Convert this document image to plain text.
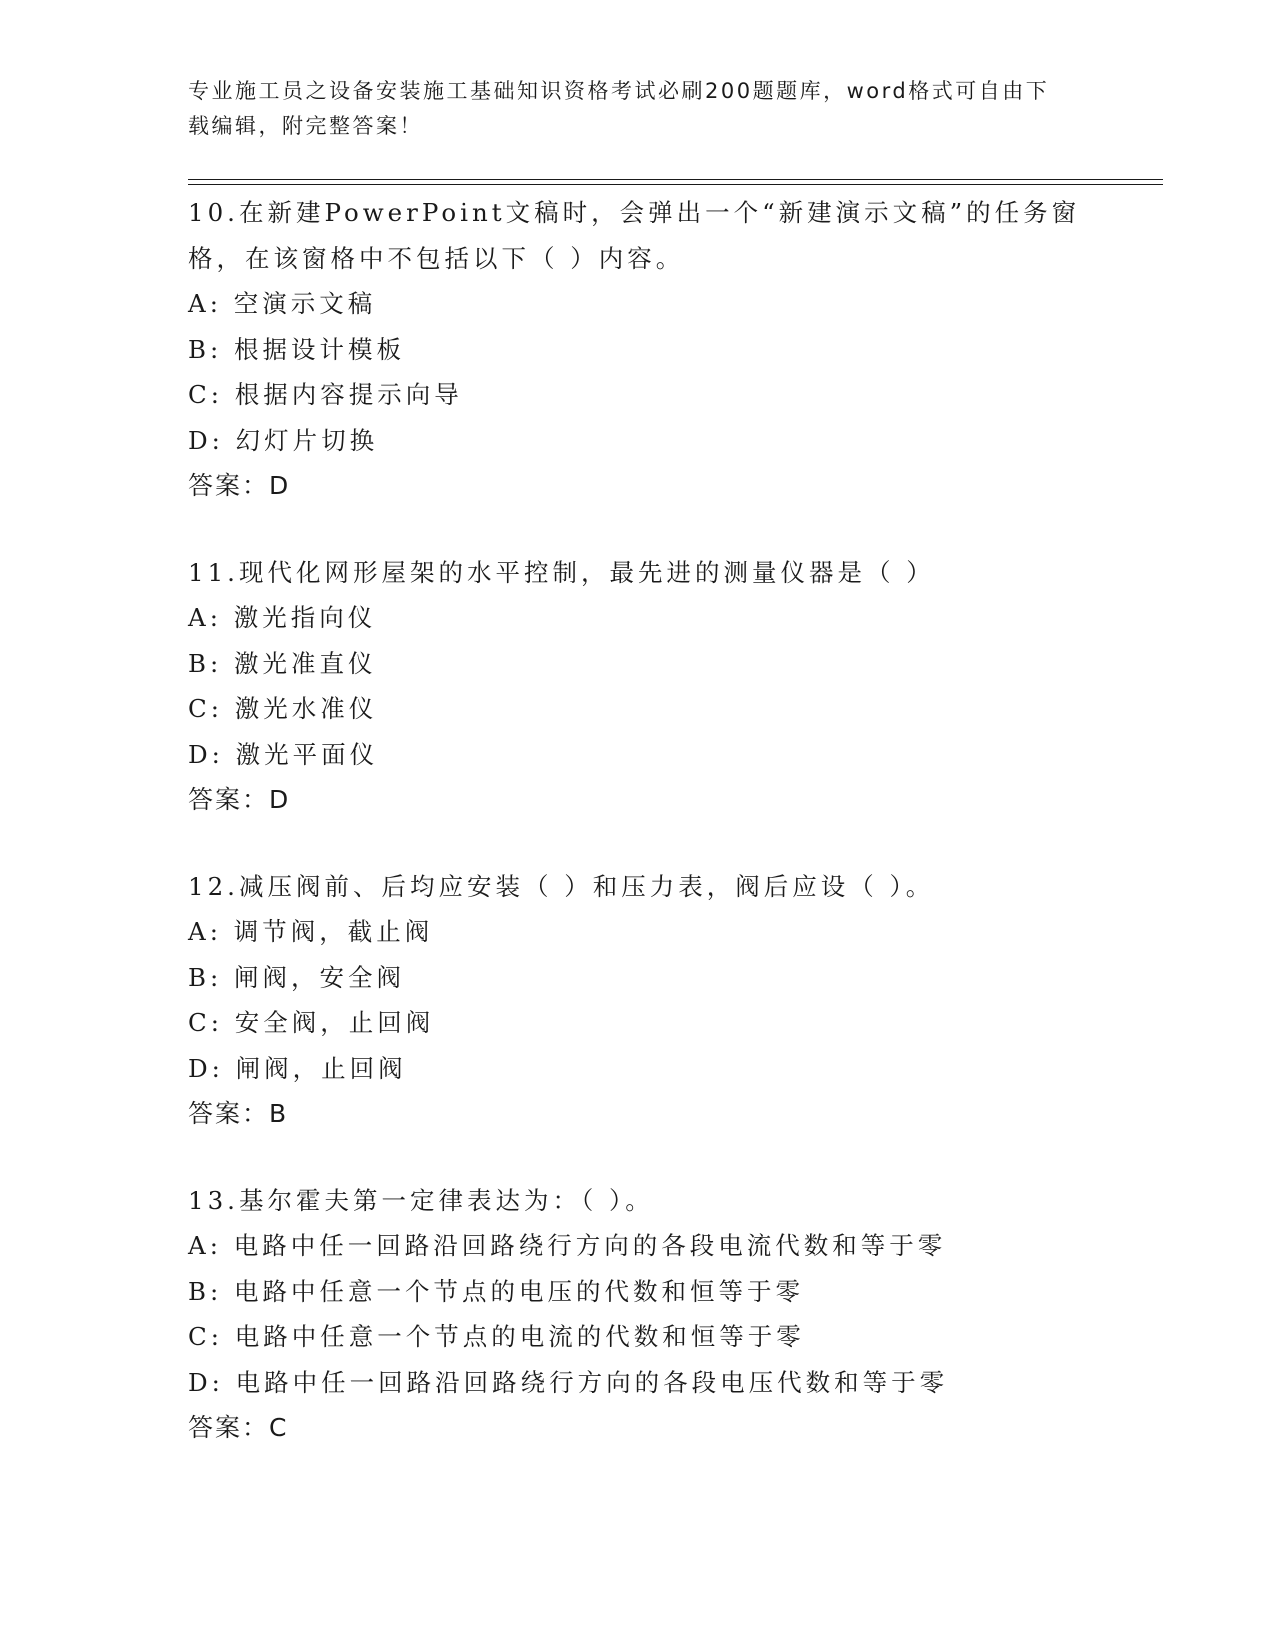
专业施工员之设备安装施工基础知识资格考试必刷200题题库，word格式可自由下载编辑，附完整答案！

10.在新建PowerPoint文稿时，会弹出一个“新建演示文稿”的任务窗格，在该窗格中不包括以下（ ）内容。

A: 空演示文稿

B: 根据设计模板

C: 根据内容提示向导

D: 幻灯片切换

答案：D

11.现代化网形屋架的水平控制，最先进的测量仪器是（ ）

A: 激光指向仪

B: 激光准直仪

C: 激光水准仪

D: 激光平面仪

答案：D

12.减压阀前、后均应安装（ ）和压力表，阀后应设（ ）。

A: 调节阀，截止阀

B: 闸阀，安全阀

C: 安全阀，止回阀

D: 闸阀，止回阀

答案：B

13.基尔霍夫第一定律表达为：（ ）。

A: 电路中任一回路沿回路绕行方向的各段电流代数和等于零

B: 电路中任意一个节点的电压的代数和恒等于零

C: 电路中任意一个节点的电流的代数和恒等于零

D: 电路中任一回路沿回路绕行方向的各段电压代数和等于零

答案：C
